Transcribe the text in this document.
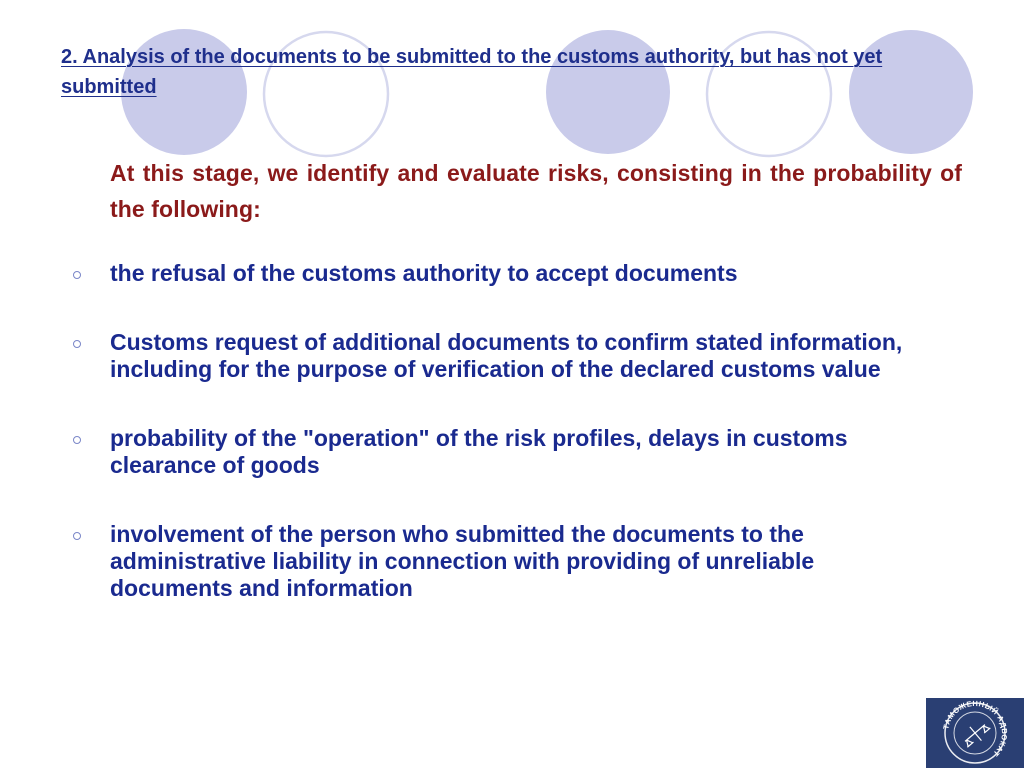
2. Analysis of the documents to be submitted to the customs authority, but has not yet submitted

At this stage, we identify and evaluate risks, consisting in the probability of the following:

the refusal of the customs authority to accept documents
Customs request of additional documents to confirm stated information, including for the purpose of verification of the declared customs value
probability of the "operation" of the risk profiles, delays in customs clearance of goods
involvement of the person who submitted the documents to the administrative liability in connection with providing of unreliable documents and information
ТАМОЖЕННЫЙ АДВОКАТ
